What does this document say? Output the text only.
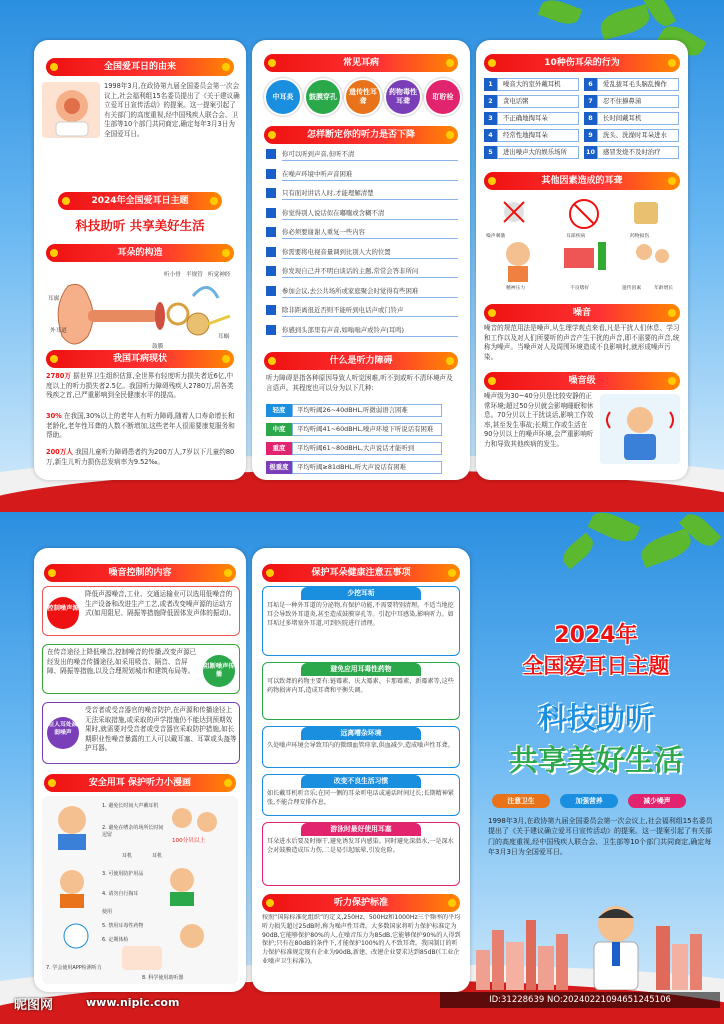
全国爱耳日的由来
1998年3月,在政协第九届全国委员会第一次会议上,社会福利组15名委员提出了《关于建议确立爱耳日宣传活动》的提案。这一提案引起了有关部门的高度重视,经中国残疾人联合会、卫生部等10个部门共同商定,确定每年3月3日为全国爱耳日。
2024年全国爱耳日主题
科技助听 共享美好生活
耳朵的构造
听小骨 半规管 听觉神经
耳廓
外耳道
耳蜗
鼓膜
我国耳病现状
2780万 据世界卫生组织估算,全世界有轻度听力损失者近6亿,中度以上的听力损失者2.5亿。我国听力障碍残疾人2780万,居各类残疾之首,已严重影响到全民健康水平的提高。
30% 在我国,30%以上的老年人有听力障碍,随着人口寿命增长和老龄化,老年性耳聋的人数不断增加,这些老年人很需要康复服务和帮助。
200万人 我国儿童听力障碍患者约为200万人,7岁以下儿童约80万,新生儿听力损伤总发病率为9.52‰。
常见耳病
中耳炎	鼓膜穿孔
遗传性耳聋
药物毒性耳聋
耵聍栓
怎样断定你的听力是否下降
你可以听到声音,但听不清
在噪声环境中听声音困难
只有面对讲话人时,才能理解清楚
你觉得别人说话似在嘟囔或含糊不清
你必须要谢谢人重复一些内容
你需要将电视音量调到比别人大的位置
你发现自己并不明白谈话的主题,常常会答非所问
参加会议,去公共场所或家庭聚会时觉得有些困难
除非距离很近否则不能听到电话声或门铃声
你感到头部里有声音,如嗡嗡声或铃声(耳鸣)
什么是听力障碍
听力障碍是指各种原因导致人听觉困难,听不到或听不清环境声及言语声。其程度也可以分为以下几种:
轻度 平均听阈26~40dBHL,听微弱语言困难
中度 平均听阈41~60dBHL,噪声环境下听说话有困难
重度 平均听阈61~80dBHL,大声说话才能听到
极重度 平均听阈≥81dBHL,听大声说话有困难
10种伤耳朵的行为
1 噪音大的室外戴耳机
2 贪电话粥
3 不正确地掏耳朵
4 经常性地掏耳朵
5 进出噪声大的娱乐场所
6 爱乱拔耳毛头脑乱操作
7 忍不住擤鼻涕
8 长时间戴耳机
9 洗头、洗澡时耳朵进水
10 感冒发烧不及时治疗
其他因素造成的耳聋
噪声刺激	耳部疾病	药物损伤
精神压力	不良嗜好	遗传因素	年龄增长
噪音
噪音的规范用法是噪声,从生理学观点来看,凡是干扰人们休息、学习和工作以及对人们所要听的声音产生干扰的声音,即不需要的声音,统称为噪声。当噪声对人及周围环境造成不良影响时,就形成噪声污染。
噪音级
噪声级为30~40分贝是比较安静的正常环境;超过50分贝就会影响睡眠和休息。70分贝以上干扰谈话,影响工作效率,甚至发生事故;长期工作或生活在90分贝以上的噪声环境,会严重影响听力和导致其他疾病的发生。
噪音控制的内容
控制噪声源
降低声源噪音,工业、交通运输业可以选用低噪音的生产设备和改进生产工艺,或者改变噪声源的运动方式(如用阻尼、隔振等措施降低固体发声体的振动)。
在传音途径上降低噪音,控制噪音的传播,改变声源已经发出的噪音传播途径,如采用吸音、隔音、音屏障、隔振等措施,以及合理规划城市和建筑布局等。
阻断噪声传播
在人耳处减弱噪声
受音者或受音器官的噪音防护,在声源和传播途径上无法采取措施,或采取的声学措施仍不能达到预期效果时,就需要对受音者或受音器官采取防护措施,如长期职业性噪音暴露的工人可以戴耳塞、耳罩或头盔等护耳器。
安全用耳 保护听力小漫画
1. 避免长时间大声戴耳机
2. 避免在嘈杂的场所长时间逗留
100分贝以上
耳机	耳机
3. 可使用防护用品
4. 请勿自行掏耳
使用
5. 禁用耳毒性药物
6. 定期体检
7. 学会使用APP检测听力
8. 科学使用助听器
保护耳朵健康注意五事项
少挖耳垢
耳垢是一种外耳道的分泌物,有保护功能,不需要特别清理。不适当地挖耳会导致外耳道炎,甚至造成鼓膜穿孔等。引起中耳感染,影响听力。如耳垢过多堵塞外耳道,可到医院进行清理。
避免应用耳毒性药物
可以致聋的药物主要有:链霉素、庆大霉素、卡那霉素、新霉素等,这些药物损害内耳,造成耳聋和平衡失调。
远离嘈杂环境
久处噪声环境会导致耳内的微细血管痉挛,供血减少,造成噪声性耳聋。
改变不良生活习惯
如长戴耳机听音乐;在同一侧的耳朵听电话或通话时间过长;长期精神紧张,不能合理安排作息。
游泳时最好使用耳塞
耳朵进水后要及时擦干,避免诱发耳内感染。同时避免深潜水,一是深水会对鼓膜造成压力伤,二是易引起眩晕,引发危险。
听力保护标准
按照“国际标准化组织”的定义,250Hz、500Hz和1000Hz三个频率的平均听力损失超过25dB时,称为噪声性耳聋。大多数国家将听力保护标准定为90dB,它能够保护80%的人,在噪音压力为85dB,它能够保护90%的人得到保护;只有在80dB的条件下,才能保护100%的人不致耳聋。我国制订的听力保护标准规定现有企业为90dB,新建、改建企业要求达到85dB(《工业企业噪声卫生标准》)。
2024年
全国爱耳日主题
科技助听
共享美好生活
注意卫生	加强营养	减少噪声
1998年3月,在政协第九届全国委员会第一次会议上,社会福利组15名委员提出了《关于建议确立爱耳日宣传活动》的提案。这一提案引起了有关部门的高度重视,经中国残疾人联合会、卫生部等10个部门共同商定,确定每年3月3日为全国爱耳日。
昵图网	www.nipic.com	ID:31228639 NO:20240221094651245106
